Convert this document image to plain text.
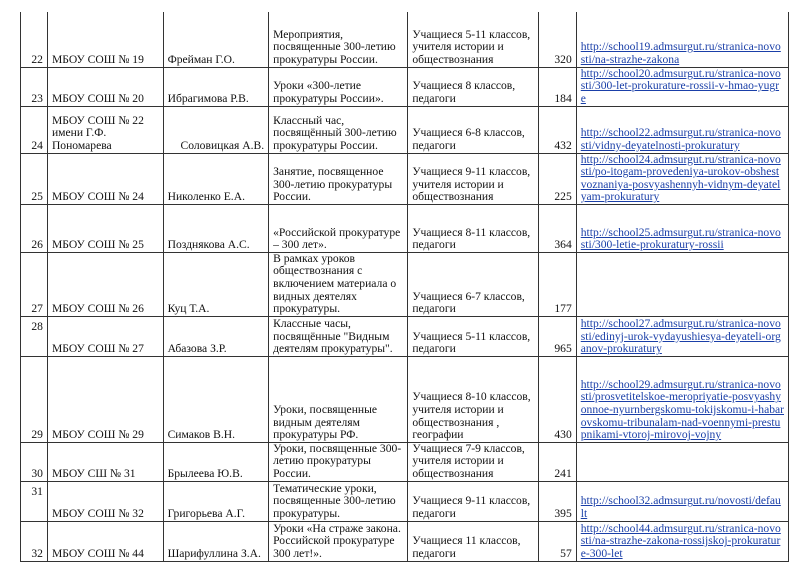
22	МБОУ СОШ № 19	Фрейман Г.О.	Мероприятия, посвященные 300-летию прокуратуры России.	Учащиеся 5-11 классов, учителя истории и обществознания	320	http://school19.admsurgut.ru/stranica-novosti/na-strazhe-zakona
23	МБОУ СОШ № 20	Ибрагимова Р.В.	Уроки «300-летие прокуратуры России».	Учащиеся 8 классов, педагоги	184	http://school20.admsurgut.ru/stranica-novosti/300-let-prokurature-rossii-v-hmao-yugre
24	МБОУ СОШ № 22 имени Г.Ф. Пономарева	Соловицкая А.В.	Классный час, посвящённый 300-летию прокуратуры России.	Учащиеся 6-8 классов, педагоги	432	http://school22.admsurgut.ru/stranica-novosti/vidny-deyatelnosti-prokuratury
25	МБОУ СОШ № 24	Николенко Е.А.	Занятие, посвященное 300-летию прокуратуры России.	Учащиеся 9-11 классов, учителя истории и обществознания	225	http://school24.admsurgut.ru/stranica-novosti/po-itogam-provedeniya-urokov-obshestvoznaniya-posvyashennyh-vidnym-deyatelyam-prokuratury
26	МБОУ СОШ № 25	Позднякова А.С.	«Российской прокуратуре – 300 лет».	Учащиеся 8-11 классов, педагоги	364	http://school25.admsurgut.ru/stranica-novosti/300-letie-prokuratury-rossii
27	МБОУ СОШ № 26	Куц Т.А.	В рамках уроков обществознания с включением материала о видных деятелях прокуратуры.	Учащиеся 6-7 классов, педагоги	177	
28	МБОУ СОШ № 27	Абазова З.Р.	Классные часы, посвящённые "Видным деятелям прокуратуры".	Учащиеся 5-11 классов, педагоги	965	http://school27.admsurgut.ru/stranica-novosti/edinyj-urok-vydayushiesya-deyateli-organov-prokuratury
29	МБОУ СОШ № 29	Симаков В.Н.	Уроки, посвященные видным деятелям прокуратуры РФ.	Учащиеся 8-10 классов, учителя истории и обществознания , географии	430	http://school29.admsurgut.ru/stranica-novosti/prosvetitelskoe-meropriyatie-posvyashyonnoe-nyurnbergskomu-tokijskomu-i-habarovskomu-tribunalam-nad-voennymi-prestupnikami-vtoroj-mirovoj-vojny
30	МБОУ СШ № 31	Брылеева Ю.В.	Уроки, посвященные 300-летию прокуратуры России.	Учащиеся 7-9 классов, учителя истории и обществознания	241	
31	МБОУ СОШ № 32	Григорьева А.Г.	Тематические уроки, посвященные 300-летию прокуратуры.	Учащиеся 9-11 классов, педагоги	395	http://school32.admsurgut.ru/novosti/default
32	МБОУ СОШ № 44	Шарифуллина З.А.	Уроки «На страже закона. Российской прокуратуре 300 лет!».	Учащиеся 11 классов, педагоги	57	http://school44.admsurgut.ru/stranica-novosti/na-strazhe-zakona-rossijskoj-prokurature-300-let
